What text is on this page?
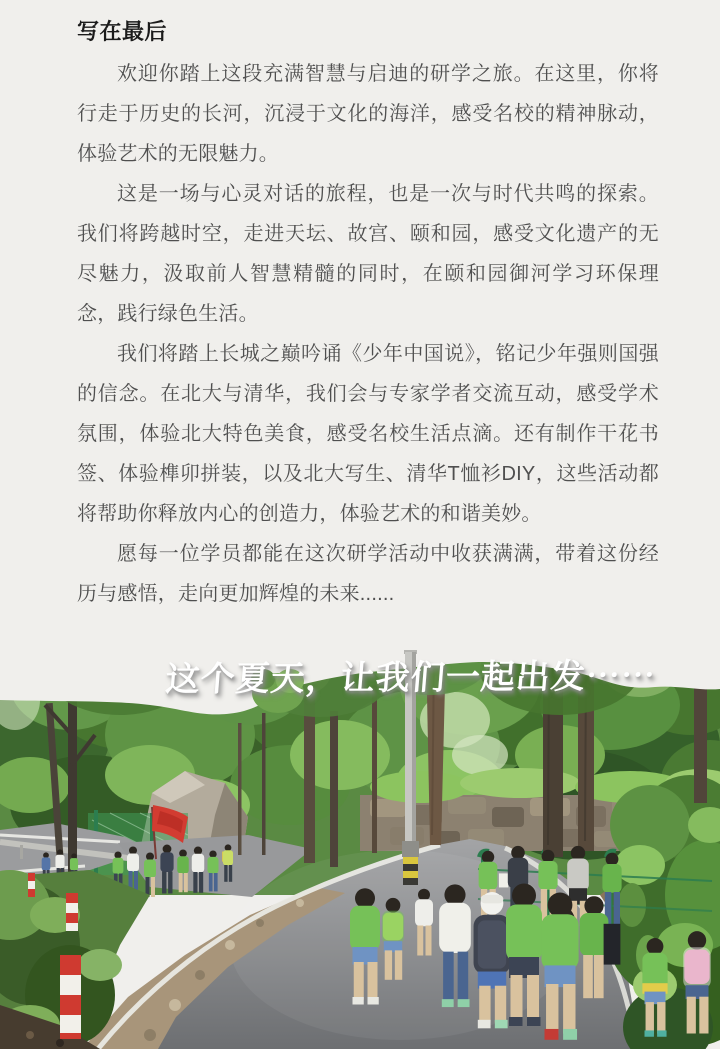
写在最后

欢迎你踏上这段充满智慧与启迪的研学之旅。在这里，你将行走于历史的长河，沉浸于文化的海洋，感受名校的精神脉动，体验艺术的无限魅力。

这是一场与心灵对话的旅程，也是一次与时代共鸣的探索。我们将跨越时空，走进天坛、故宫、颐和园，感受文化遗产的无尽魅力，汲取前人智慧精髓的同时，在颐和园御河学习环保理念，践行绿色生活。

我们将踏上长城之巅吟诵《少年中国说》，铭记少年强则国强的信念。在北大与清华，我们会与专家学者交流互动，感受学术氛围，体验北大特色美食，感受名校生活点滴。还有制作干花书签、体验榫卯拼装，以及北大写生、清华T恤衫DIY，这些活动都将帮助你释放内心的创造力，体验艺术的和谐美妙。

愿每一位学员都能在这次研学活动中收获满满，带着这份经历与感悟，走向更加辉煌的未来......

这个夏天，让我们一起出发⋯⋯
